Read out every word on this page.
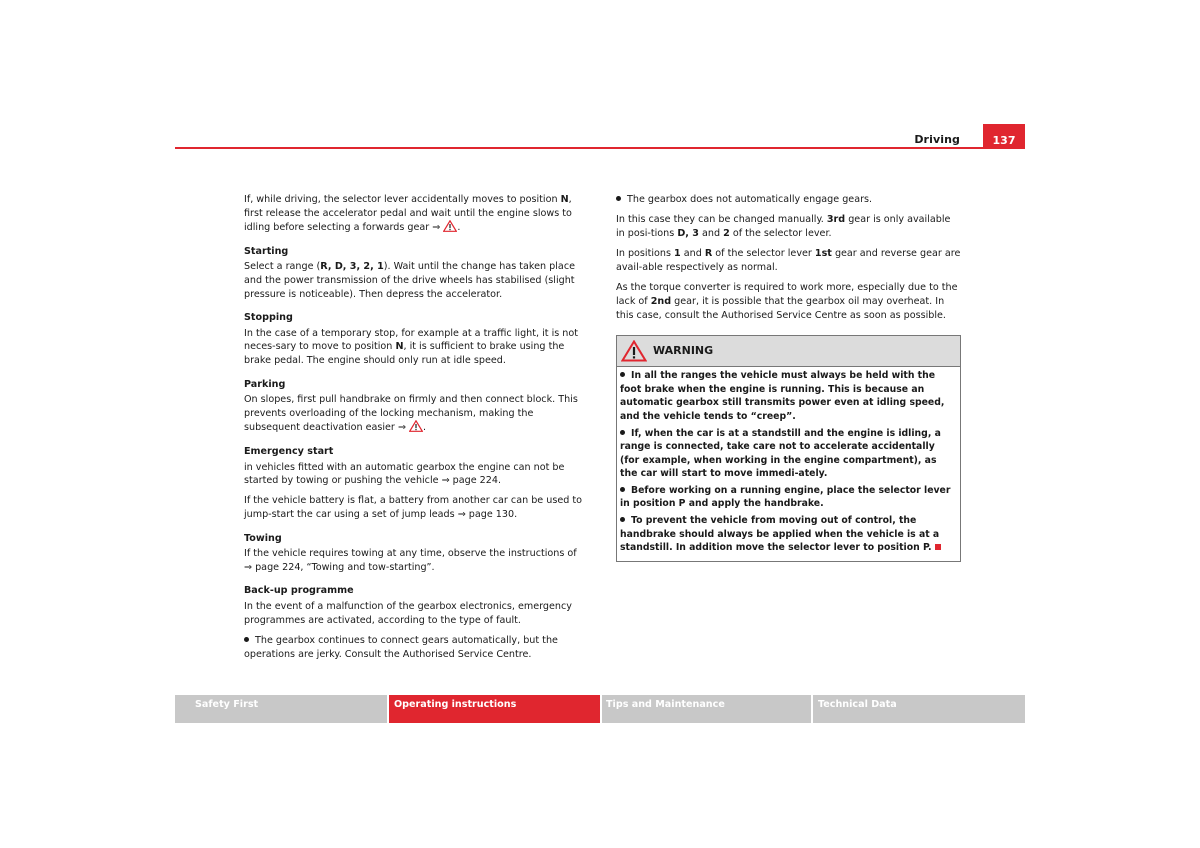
Driving	137

If, while driving, the selector lever accidentally moves to position N, first release the accelerator pedal and wait until the engine slows to idling before selecting a forwards gear ⇒ .

Starting

Select a range (R, D, 3, 2, 1). Wait until the change has taken place and the power transmission of the drive wheels has stabilised (slight pressure is noticeable). Then depress the accelerator.

Stopping

In the case of a temporary stop, for example at a traffic light, it is not neces-sary to move to position N, it is sufficient to brake using the brake pedal. The engine should only run at idle speed.

Parking

On slopes, first pull handbrake on firmly and then connect block. This prevents overloading of the locking mechanism, making the subsequent deactivation easier ⇒ .

Emergency start

in vehicles fitted with an automatic gearbox the engine can not be started by towing or pushing the vehicle ⇒ page 224.

If the vehicle battery is flat, a battery from another car can be used to jump-start the car using a set of jump leads ⇒ page 130.

Towing

If the vehicle requires towing at any time, observe the instructions of
⇒ page 224, “Towing and tow-starting”.

Back-up programme

In the event of a malfunction of the gearbox electronics, emergency programmes are activated, according to the type of fault.

The gearbox continues to connect gears automatically, but the operations are jerky. Consult the Authorised Service Centre.

The gearbox does not automatically engage gears.

In this case they can be changed manually. 3rd gear is only available in posi-tions D, 3 and 2 of the selector lever.

In positions 1 and R of the selector lever 1st gear and reverse gear are avail-able respectively as normal.

As the torque converter is required to work more, especially due to the lack of 2nd gear, it is possible that the gearbox oil may overheat. In this case, consult the Authorised Service Centre as soon as possible.

WARNING

In all the ranges the vehicle must always be held with the foot brake when the engine is running. This is because an automatic gearbox still transmits power even at idling speed, and the vehicle tends to “creep”.

If, when the car is at a standstill and the engine is idling, a range is connected, take care not to accelerate accidentally (for example, when working in the engine compartment), as the car will start to move immedi-ately.

Before working on a running engine, place the selector lever in position P and apply the handbrake.

To prevent the vehicle from moving out of control, the handbrake should always be applied when the vehicle is at a standstill. In addition move the selector lever to position P.

Safety First	Operating instructions	Tips and Maintenance	Technical Data
